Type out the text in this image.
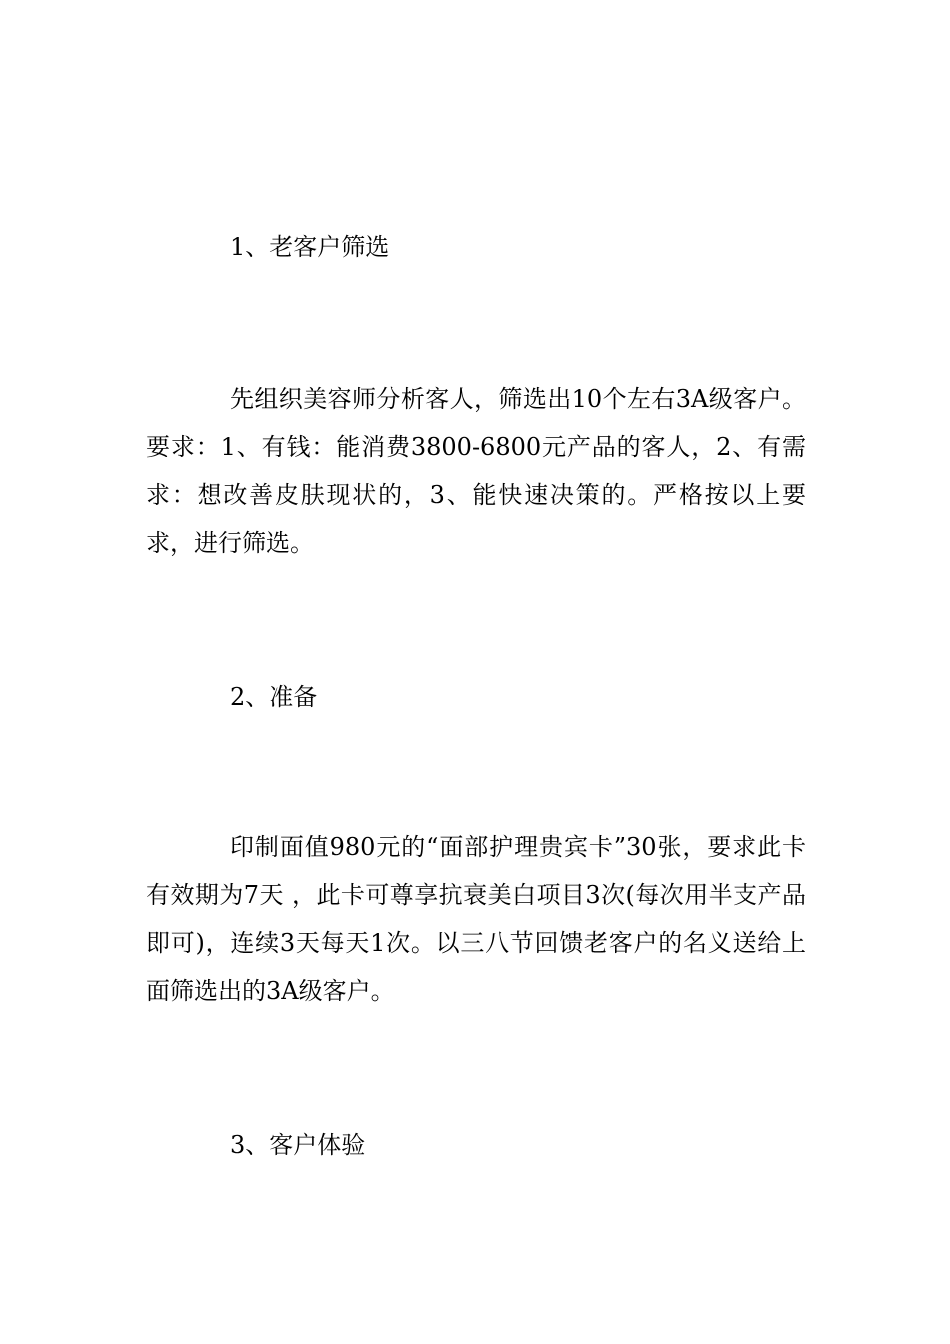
1、老客户筛选

先组织美容师分析客人，筛选出10个左右3A级客户。要求：1、有钱：能消费3800-6800元产品的客人，2、有需求：想改善皮肤现状的，3、能快速决策的。严格按以上要求，进行筛选。

2、准备

印制面值980元的“面部护理贵宾卡”30张，要求此卡有效期为7天 ，此卡可尊享抗衰美白项目3次(每次用半支产品即可)，连续3天每天1次。以三八节回馈老客户的名义送给上面筛选出的3A级客户。

3、客户体验
